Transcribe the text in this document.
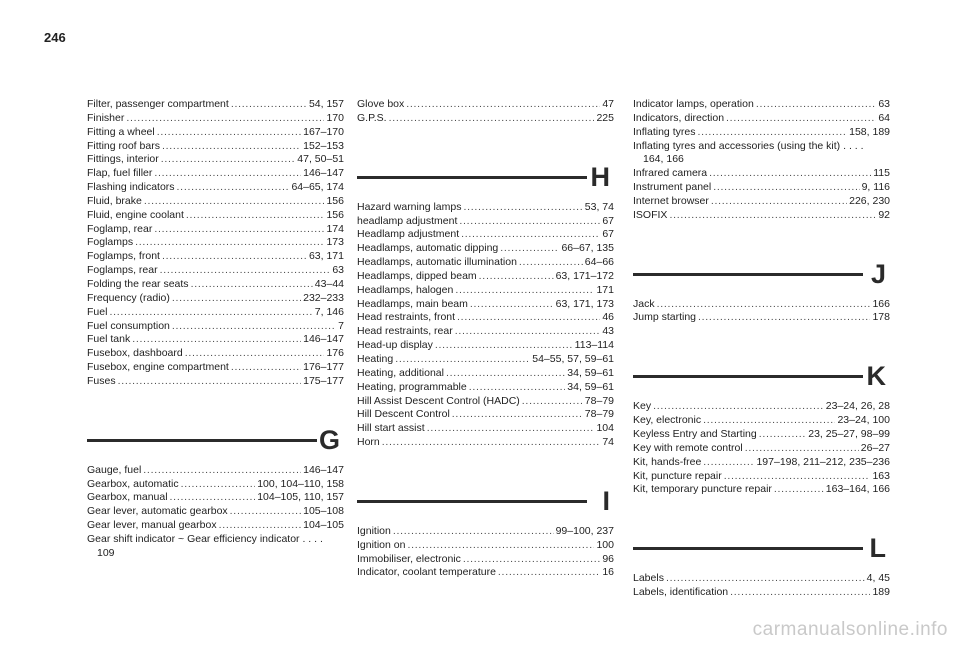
246
Filter, passenger compartment . . .	54, 157
Finisher . . .	170
Fitting a wheel . . .	167–170
Fitting roof bars . . .	152–153
Fittings, interior . . .	47, 50–51
Flap, fuel filler . . .	146–147
Flashing indicators . . .	64–65, 174
Fluid, brake . . .	156
Fluid, engine coolant . . .	156
Foglamp, rear . . .	174
Foglamps . . .	173
Foglamps, front . . .	63, 171
Foglamps, rear . . .	63
Folding the rear seats . . .	43–44
Frequency (radio) . . .	232–233
Fuel . . .	7, 146
Fuel consumption . . .	7
Fuel tank . . .	146–147
Fusebox, dashboard . . .	176
Fusebox, engine compartment . . .	176–177
Fuses . . .	175–177
G
Gauge, fuel . . .	146–147
Gearbox, automatic . . .	100, 104–110, 158
Gearbox, manual . . .	104–105, 110, 157
Gear lever, automatic gearbox . . .	105–108
Gear lever, manual gearbox . . .	104–105
Gear shift indicator ~ Gear efficiency indicator . . . .
109
Glove box . . .	47
G.P.S. . . .	225
H
Hazard warning lamps . . .	53, 74
headlamp adjustment . . .	67
Headlamp adjustment . . .	67
Headlamps, automatic dipping . . .	66–67, 135
Headlamps, automatic illumination . . .	64–66
Headlamps, dipped beam . . .	63, 171–172
Headlamps, halogen . . .	171
Headlamps, main beam . . .	63, 171, 173
Head restraints, front . . .	46
Head restraints, rear . . .	43
Head-up display . . .	113–114
Heating . . .	54–55, 57, 59–61
Heating, additional . . .	34, 59–61
Heating, programmable . . .	34, 59–61
Hill Assist Descent Control (HADC) . . .	78–79
Hill Descent Control . . .	78–79
Hill start assist . . .	104
Horn . . .	74
I
Ignition . . .	99–100, 237
Ignition on . . .	100
Immobiliser, electronic . . .	96
Indicator, coolant temperature . . .	16
Indicator lamps, operation . . .	63
Indicators, direction . . .	64
Inflating tyres . . .	158, 189
Inflating tyres and accessories (using the kit) . . . .
164, 166
Infrared camera . . .	115
Instrument panel . . .	9, 116
Internet browser . . .	226, 230
ISOFIX . . .	92
J
Jack . . .	166
Jump starting . . .	178
K
Key . . .	23–24, 26, 28
Key, electronic . . .	23–24, 100
Keyless Entry and Starting . . .	23, 25–27, 98–99
Key with remote control . . .	26–27
Kit, hands-free . . .	197–198, 211–212, 235–236
Kit, puncture repair . . .	163
Kit, temporary puncture repair . . .	163–164, 166
L
Labels . . .	4, 45
Labels, identification . . .	189
carmanualsonline.info
